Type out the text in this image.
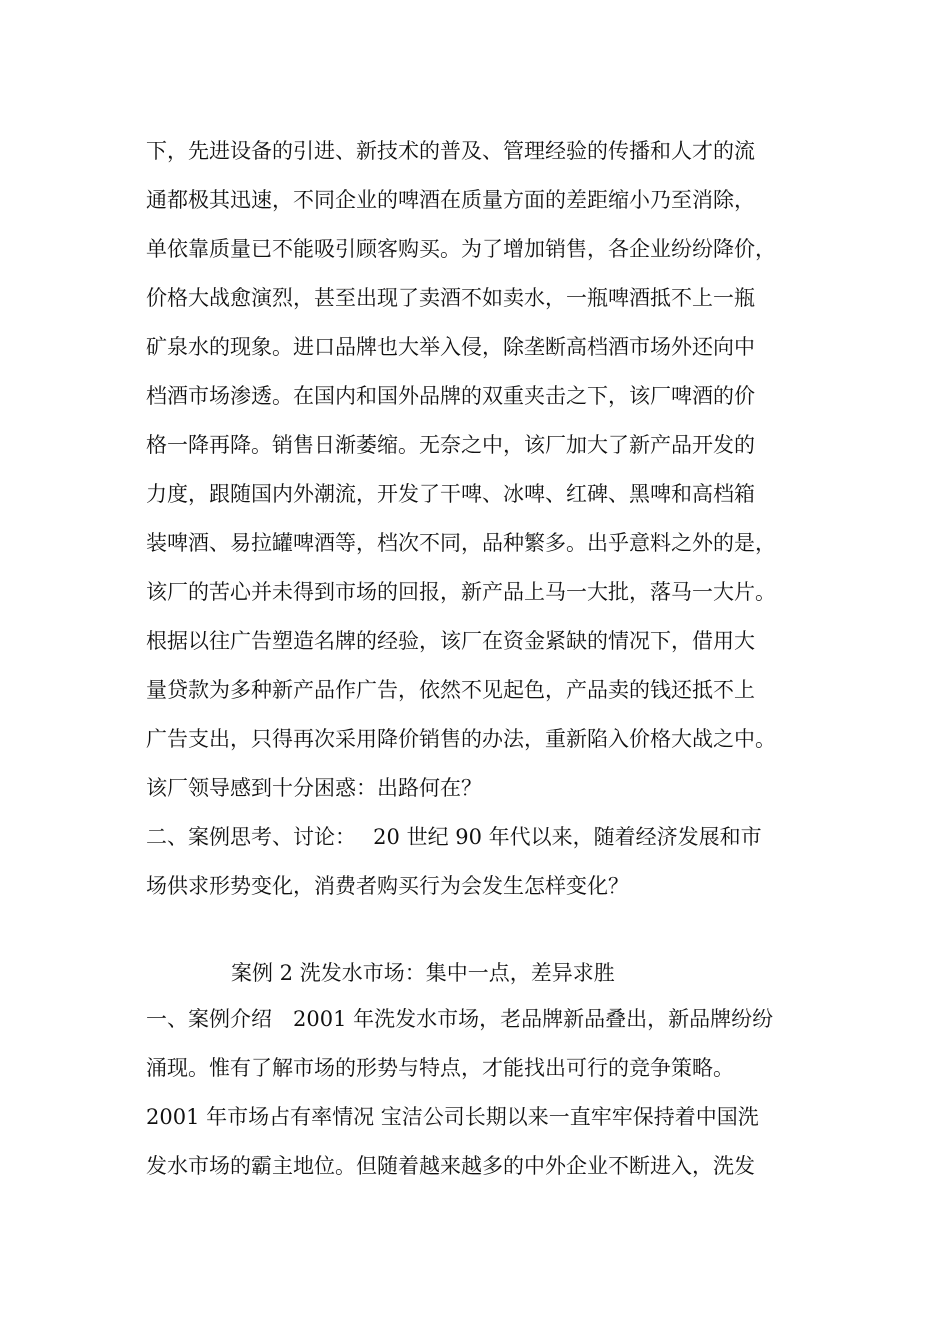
下，先进设备的引进、新技术的普及、管理经验的传播和人才的流
通都极其迅速，不同企业的啤酒在质量方面的差距缩小乃至消除，
单依靠质量已不能吸引顾客购买。为了增加销售，各企业纷纷降价，
价格大战愈演烈，甚至出现了卖酒不如卖水，一瓶啤酒抵不上一瓶
矿泉水的现象。进口品牌也大举入侵，除垄断高档酒市场外还向中
档酒市场渗透。在国内和国外品牌的双重夹击之下，该厂啤酒的价
格一降再降。销售日渐萎缩。无奈之中，该厂加大了新产品开发的
力度，跟随国内外潮流，开发了干啤、冰啤、红碑、黑啤和高档箱
装啤酒、易拉罐啤酒等，档次不同，品种繁多。出乎意料之外的是，
该厂的苦心并未得到市场的回报，新产品上马一大批，落马一大片。
根据以往广告塑造名牌的经验，该厂在资金紧缺的情况下，借用大
量贷款为多种新产品作广告，依然不见起色，产品卖的钱还抵不上
广告支出，只得再次采用降价销售的办法，重新陷入价格大战之中。
该厂领导感到十分困惑：出路何在？
二、案例思考、讨论：　 20 世纪 90 年代以来，随着经济发展和市
场供求形势变化，消费者购买行为会发生怎样变化？
案例 2 洗发水市场：集中一点，差异求胜
一、案例介绍　2001 年洗发水市场，老品牌新品叠出，新品牌纷纷
涌现。惟有了解市场的形势与特点，才能找出可行的竞争策略。
2001 年市场占有率情况 宝洁公司长期以来一直牢牢保持着中国洗
发水市场的霸主地位。但随着越来越多的中外企业不断进入，洗发
